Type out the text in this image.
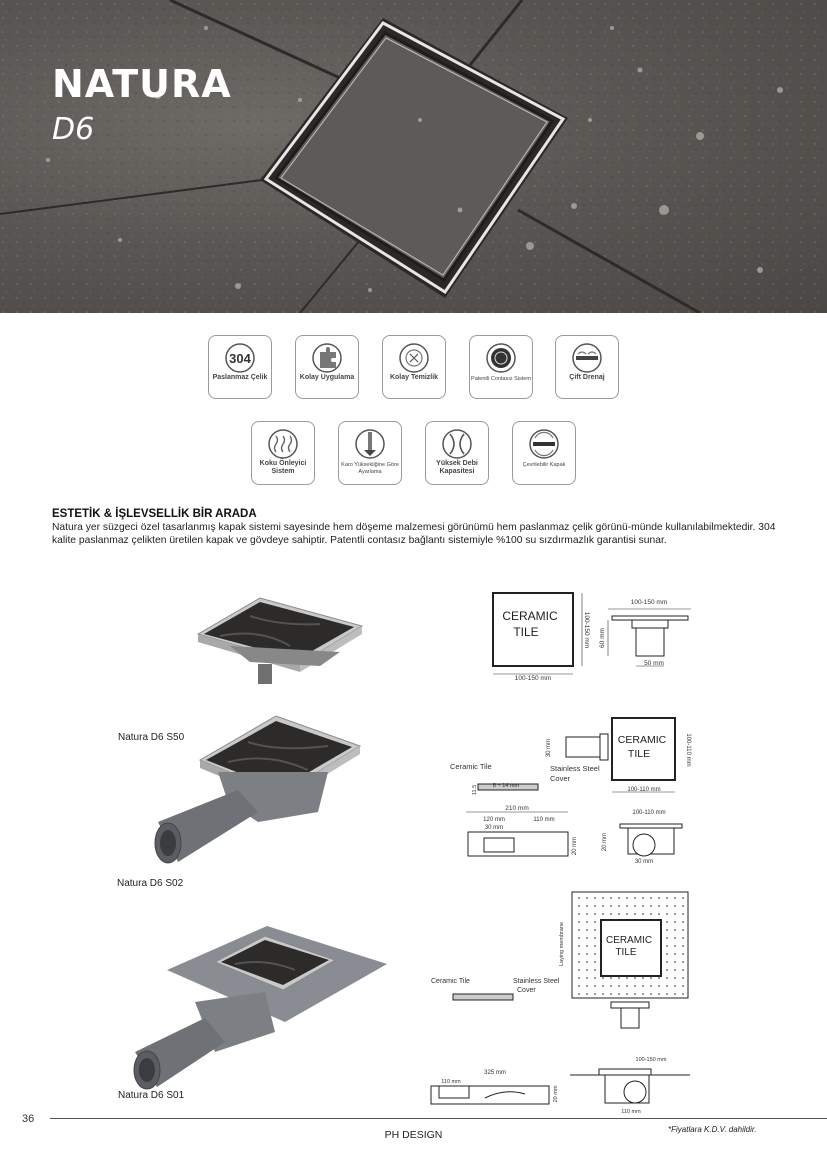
NATURA
D6
304
Paslanmaz Çelik	Kolay Uygulama	Kolay Temizlik	Patentli Contasız Sistem	Çift Drenaj
Koku Önleyici Sistem
Karo Yüksekliğine Göre Ayarlama
Yüksek Debi Kapasitesi
Çevrilebilir Kapak
ESTETİK & İŞLEVSELLİK BİR ARADA
Natura yer süzgeci özel tasarlanmış kapak sistemi sayesinde hem döşeme malzemesi görünümü hem paslanmaz çelik görünü-münde kullanılabilmektedir. 304 kalite paslanmaz çelikten üretilen kapak ve gövdeye sahiptir. Patentli contasız bağlantı sistemiyle %100 su sızdırmazlık garantisi sunar.
Natura D6 S50
Natura D6 S02
Natura D6 S01
CERAMIC
TILE
100-150 mm
100-150 mm
100-150 mm
60 mm
50 mm
CERAMIC
TILE
100-110 mm
100-110 mm
30 mm
Ceramic Tile	Stainless Steel
Cover
8 ~ 14 mm
11.5
210 mm
120 mm	110 mm
30 mm
20 mm
100-110 mm
20 mm
30 mm
CERAMIC
TILE
Laying membrane
Ceramic Tile	Stainless Steel
Cover
100-150 mm
110 mm
325 mm
110 mm
20 mm
36
PH DESIGN	*Fiyatlara K.D.V. dahildir.
